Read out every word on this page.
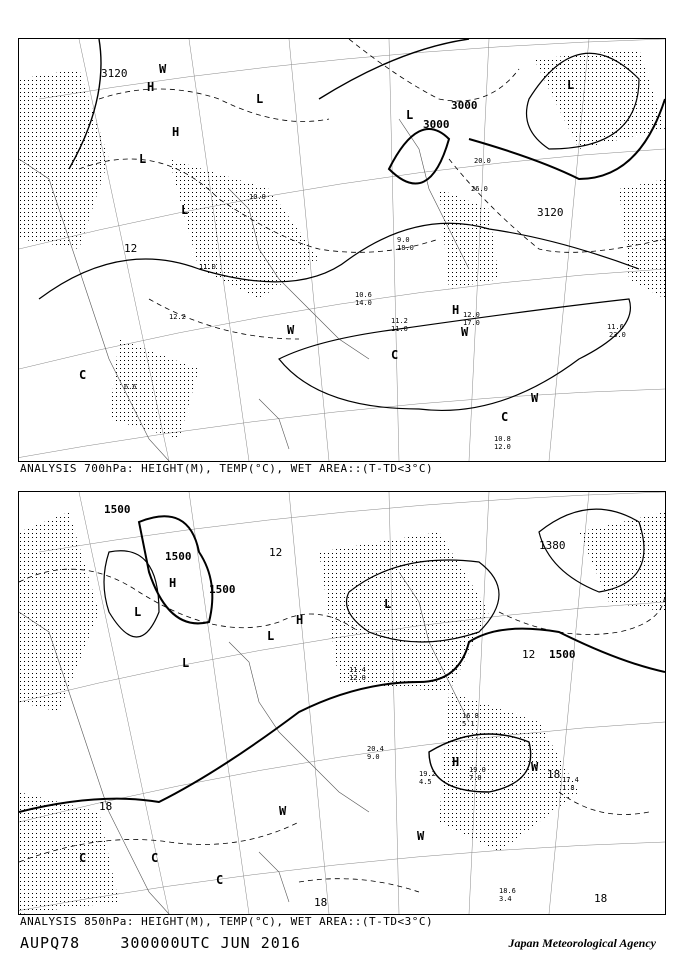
3120
3000
3000
3120
12
H
H
L
L
L
L
L
H
C
C
W
W
C
W
W
10.8
12.0
11.6
23.0
12.0
17.0
11.2
11.0
10.6
14.0
20.0
26.0
9.0
18.0
6.6
12.2
11.0
10.0
ANALYSIS 700hPa: HEIGHT(M), TEMP(°C), WET AREA::(T-TD<3°C)
1500
1500
1500
1500
1380
12
12
18
18
18	18
H
H
L
L
L
L
H
C	C
C
W
W
W
19.2
4.5
19.0
7.0
18.6
3.4
17.4
1.8
20.4
9.0
11.4
12.0
16.8
5.1
ANALYSIS 850hPa: HEIGHT(M), TEMP(°C), WET AREA::(T-TD<3°C)
AUPQ78	300000UTC JUN 2016	Japan Meteorological Agency
